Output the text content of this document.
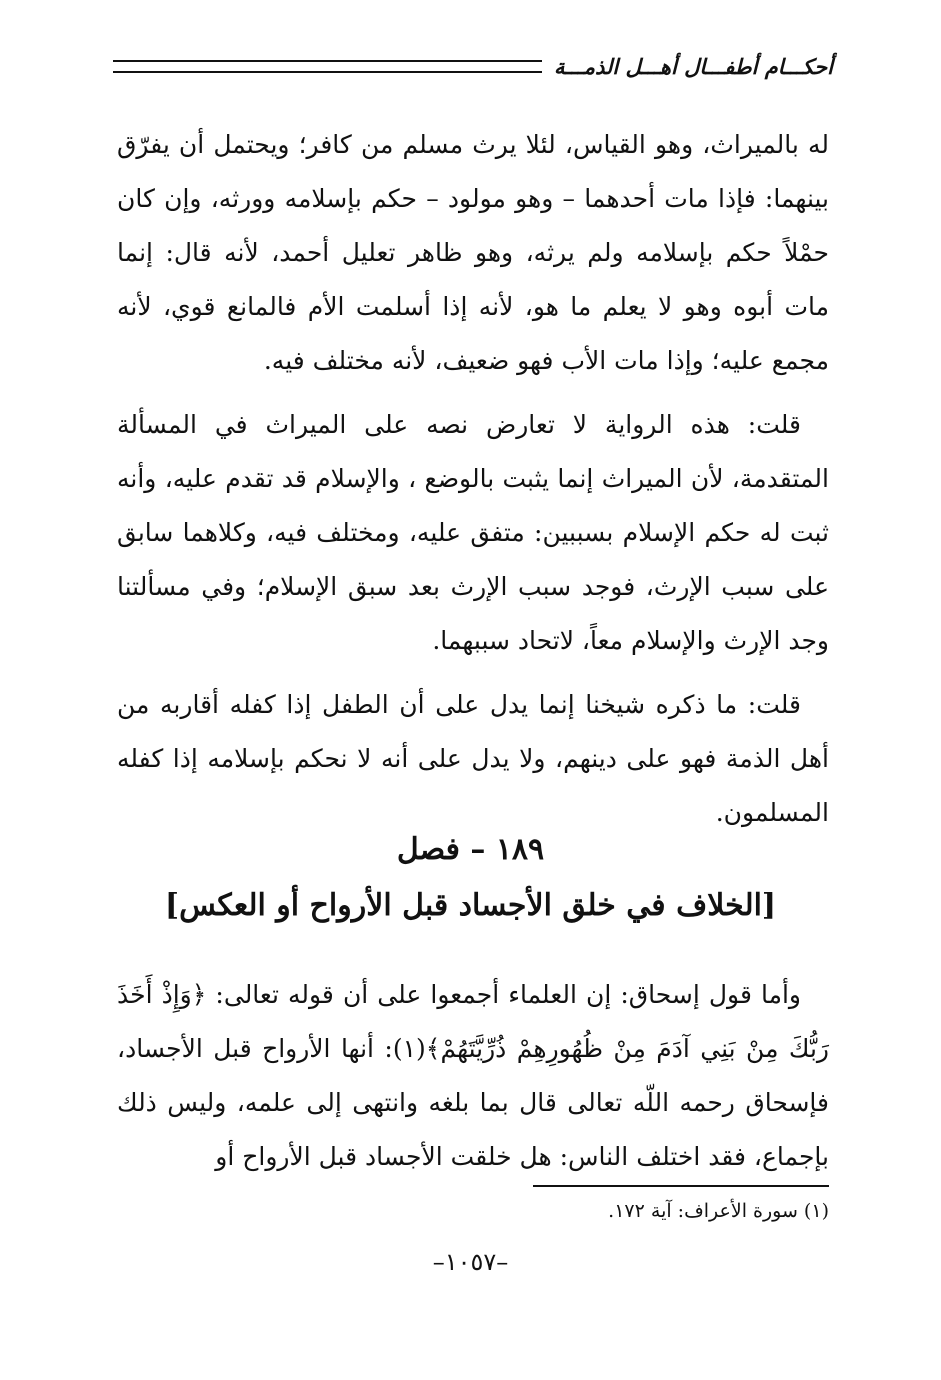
أحكـــام أطفـــال أهـــل الذمـــة

له بالميراث، وهو القياس، لئلا يرث مسلم من كافر؛ ويحتمل أن يفرّق بينهما: فإذا مات أحدهما – وهو مولود – حكم بإسلامه وورثه، وإن كان حمْلاً حكم بإسلامه ولم يرثه، وهو ظاهر تعليل أحمد، لأنه قال: إنما مات أبوه وهو لا يعلم ما هو، لأنه إذا أسلمت الأم فالمانع قوي، لأنه مجمع عليه؛ وإذا مات الأب فهو ضعيف، لأنه مختلف فيه.

قلت: هذه الرواية لا تعارض نصه على الميراث في المسألة المتقدمة، لأن الميراث إنما يثبت بالوضع ، والإسلام قد تقدم عليه، وأنه ثبت له حكم الإسلام بسببين: متفق عليه، ومختلف فيه، وكلاهما سابق على سبب الإرث، فوجد سبب الإرث بعد سبق الإسلام؛ وفي مسألتنا وجد الإرث والإسلام معاً، لاتحاد سببهما.

قلت: ما ذكره شيخنا إنما يدل على أن الطفل إذا كفله أقاربه من أهل الذمة فهو على دينهم، ولا يدل على أنه لا نحكم بإسلامه إذا كفله المسلمون.

١٨٩ – فصل
[الخلاف في خلق الأجساد قبل الأرواح أو العكس]

وأما قول إسحاق: إن العلماء أجمعوا على أن قوله تعالى: ﴿وَإِذْ أَخَذَ رَبُّكَ مِنْ بَنِي آدَمَ مِنْ ظُهُورِهِمْ ذُرِّيَّتَهُمْ﴾(١): أنها الأرواح قبل الأجساد، فإسحاق رحمه اللّه تعالى قال بما بلغه وانتهى إلى علمه، وليس ذلك بإجماع، فقد اختلف الناس: هل خلقت الأجساد قبل الأرواح أو

(١) سورة الأعراف: آية ١٧٢.
–١٠٥٧–
